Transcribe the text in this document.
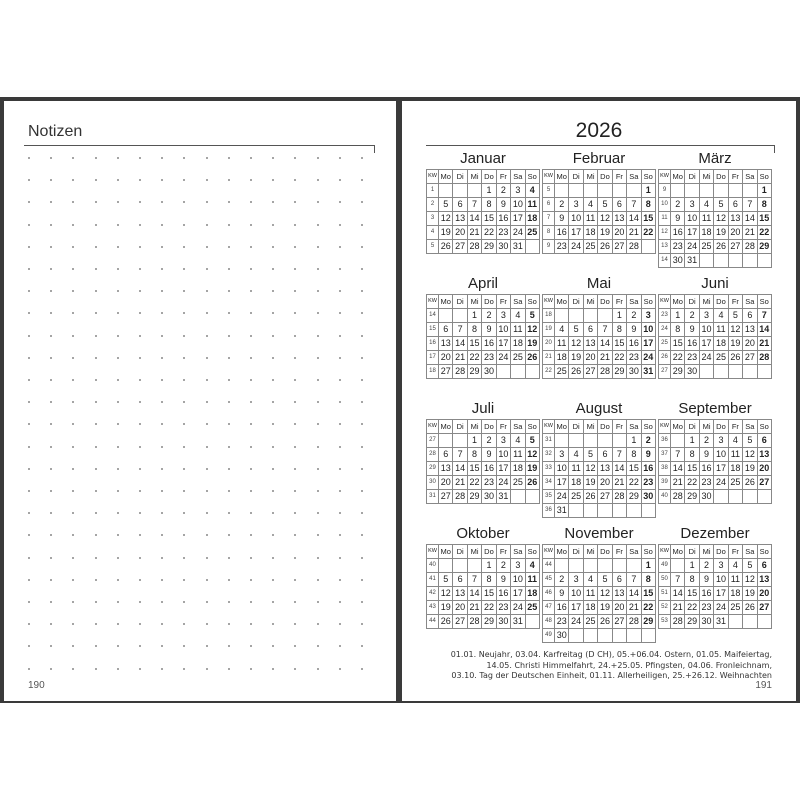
Notizen
190
2026
Januar
KW	Mo	Di	Mi	Do	Fr	Sa	So
1				1	2	3	4
2	5	6	7	8	9	10	11
3	12	13	14	15	16	17	18
4	19	20	21	22	23	24	25
5	26	27	28	29	30	31	
Februar
KW	Mo	Di	Mi	Do	Fr	Sa	So
5							1
6	2	3	4	5	6	7	8
7	9	10	11	12	13	14	15
8	16	17	18	19	20	21	22
9	23	24	25	26	27	28	
März
KW	Mo	Di	Mi	Do	Fr	Sa	So
9							1
10	2	3	4	5	6	7	8
11	9	10	11	12	13	14	15
12	16	17	18	19	20	21	22
13	23	24	25	26	27	28	29
14	30	31					
April
KW	Mo	Di	Mi	Do	Fr	Sa	So
14			1	2	3	4	5
15	6	7	8	9	10	11	12
16	13	14	15	16	17	18	19
17	20	21	22	23	24	25	26
18	27	28	29	30			
Mai
KW	Mo	Di	Mi	Do	Fr	Sa	So
18					1	2	3
19	4	5	6	7	8	9	10
20	11	12	13	14	15	16	17
21	18	19	20	21	22	23	24
22	25	26	27	28	29	30	31
Juni
KW	Mo	Di	Mi	Do	Fr	Sa	So
23	1	2	3	4	5	6	7
24	8	9	10	11	12	13	14
25	15	16	17	18	19	20	21
26	22	23	24	25	26	27	28
27	29	30					
Juli
KW	Mo	Di	Mi	Do	Fr	Sa	So
27			1	2	3	4	5
28	6	7	8	9	10	11	12
29	13	14	15	16	17	18	19
30	20	21	22	23	24	25	26
31	27	28	29	30	31		
August
KW	Mo	Di	Mi	Do	Fr	Sa	So
31						1	2
32	3	4	5	6	7	8	9
33	10	11	12	13	14	15	16
34	17	18	19	20	21	22	23
35	24	25	26	27	28	29	30
36	31						
September
KW	Mo	Di	Mi	Do	Fr	Sa	So
36		1	2	3	4	5	6
37	7	8	9	10	11	12	13
38	14	15	16	17	18	19	20
39	21	22	23	24	25	26	27
40	28	29	30				
Oktober
KW	Mo	Di	Mi	Do	Fr	Sa	So
40				1	2	3	4
41	5	6	7	8	9	10	11
42	12	13	14	15	16	17	18
43	19	20	21	22	23	24	25
44	26	27	28	29	30	31	
November
KW	Mo	Di	Mi	Do	Fr	Sa	So
44							1
45	2	3	4	5	6	7	8
46	9	10	11	12	13	14	15
47	16	17	18	19	20	21	22
48	23	24	25	26	27	28	29
49	30						
Dezember
KW	Mo	Di	Mi	Do	Fr	Sa	So
49		1	2	3	4	5	6
50	7	8	9	10	11	12	13
51	14	15	16	17	18	19	20
52	21	22	23	24	25	26	27
53	28	29	30	31			
01.01. Neujahr, 03.04. Karfreitag (D CH), 05.+06.04. Ostern, 01.05. Maifeiertag,
14.05. Christi Himmelfahrt, 24.+25.05. Pfingsten, 04.06. Fronleichnam,
03.10. Tag der Deutschen Einheit, 01.11. Allerheiligen, 25.+26.12. Weihnachten
191
